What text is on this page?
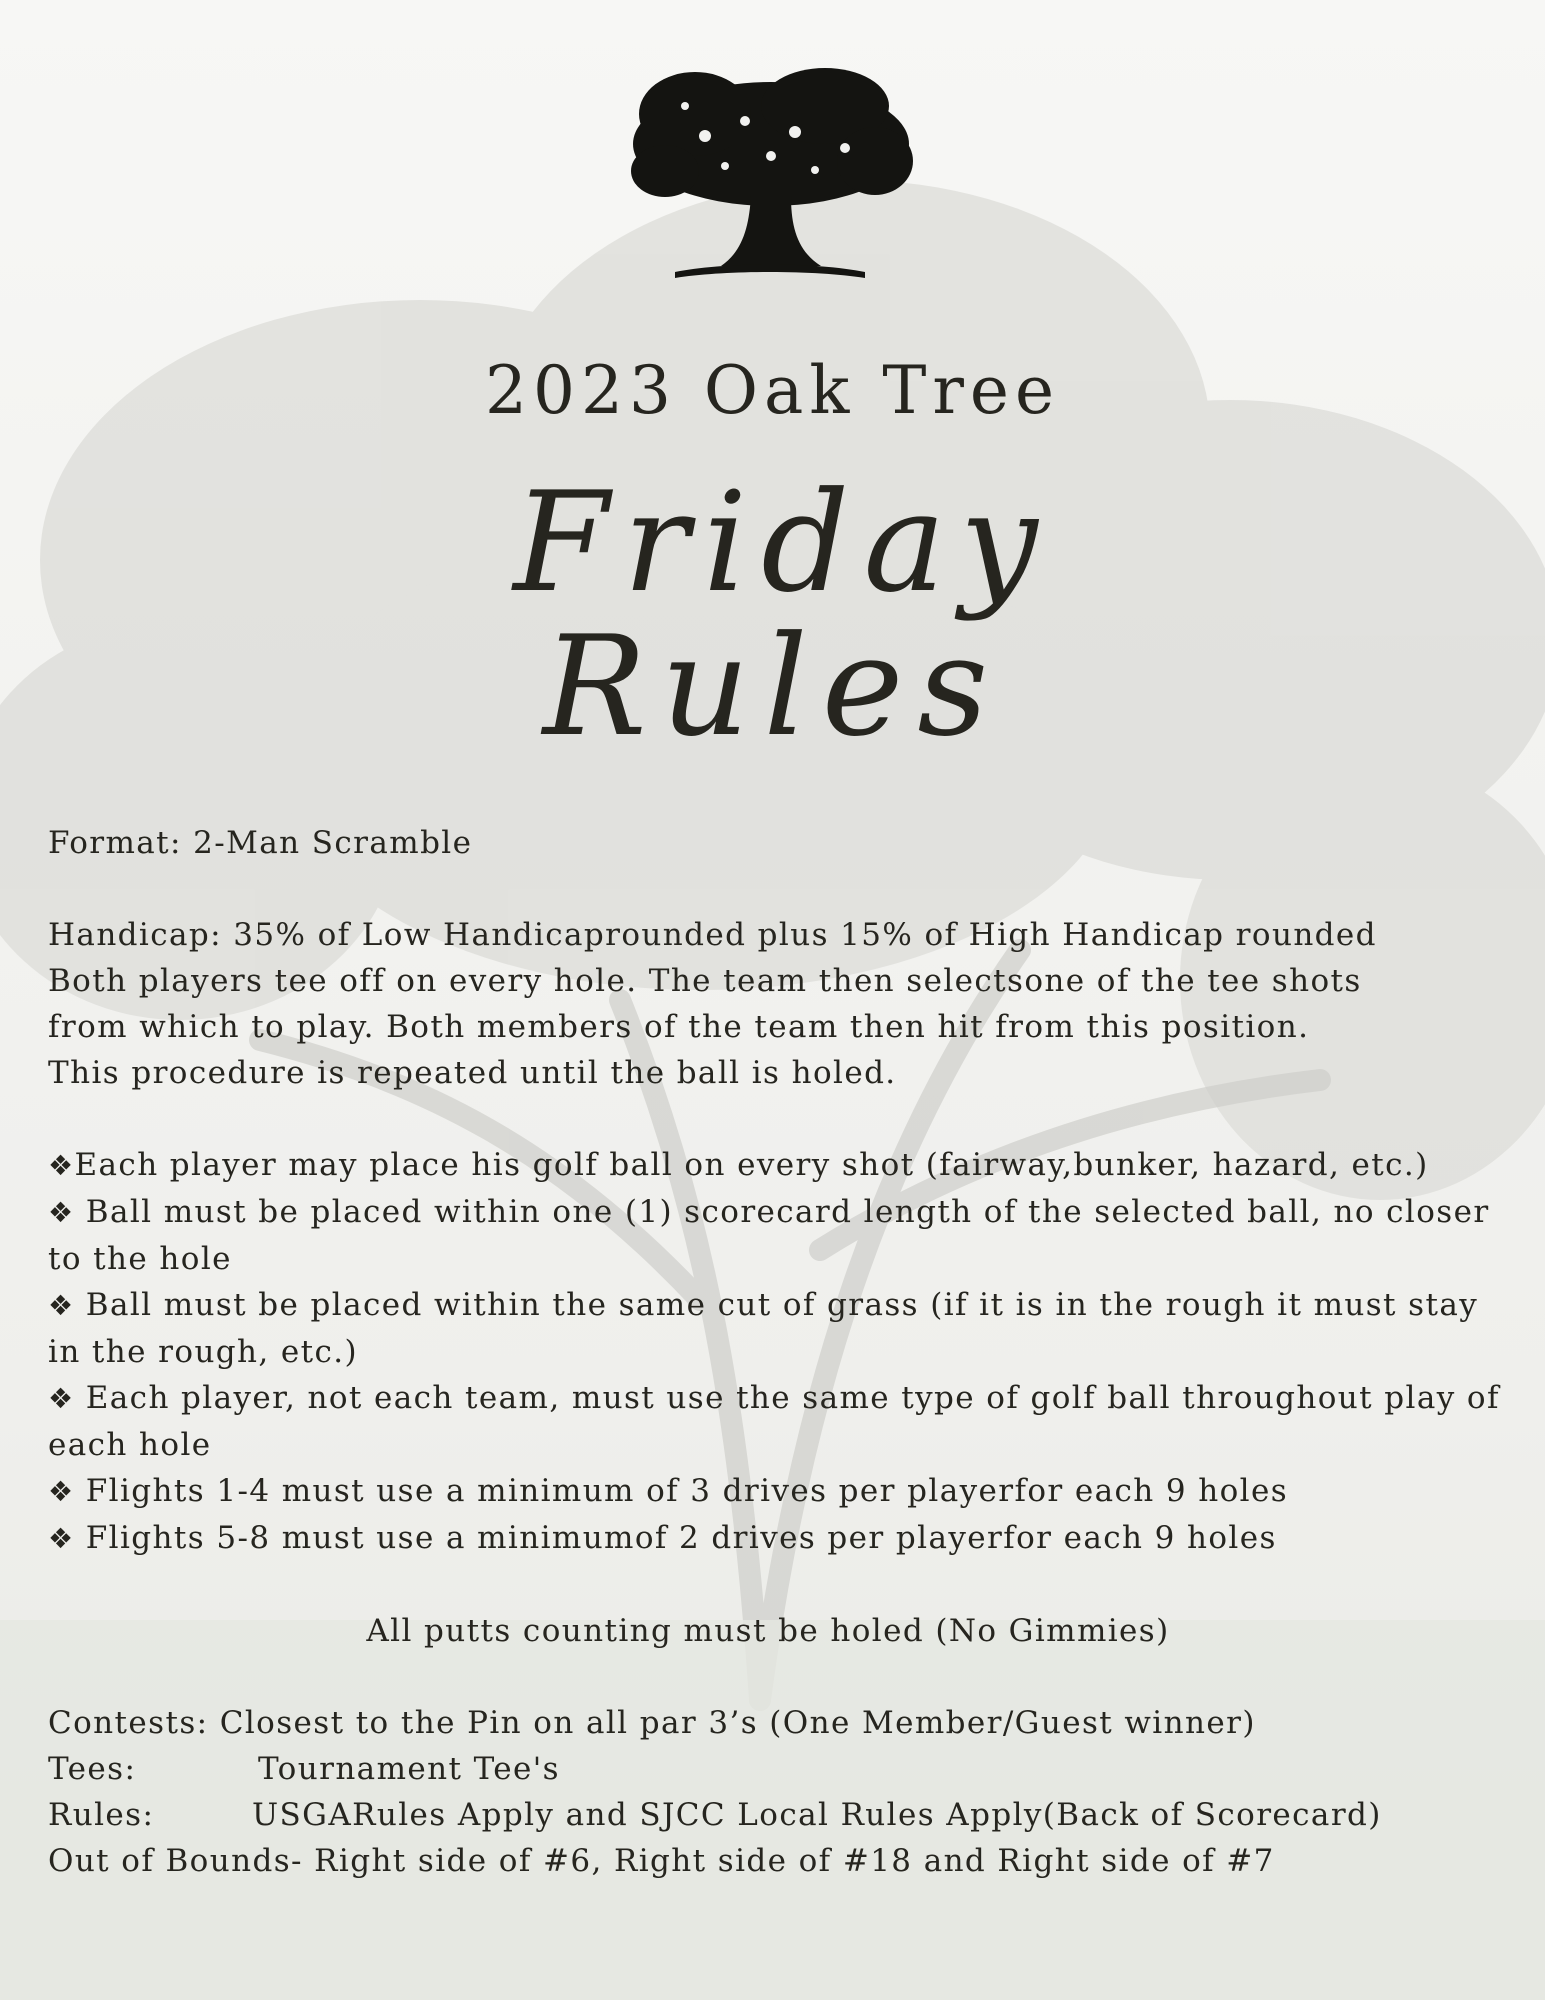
2023 Oak Tree
Friday
Rules

Format: 2-Man Scramble

Handicap: 35% of Low Handicaprounded plus 15% of High Handicap rounded

Both players tee off on every hole. The team then selectsone of the tee shots

from which to play. Both members of the team then hit from this position.

This procedure is repeated until the ball is holed.

❖Each player may place his golf ball on every shot (fairway,bunker, hazard, etc.)

❖ Ball must be placed within one (1) scorecard length of the selected ball, no closer to the hole

❖ Ball must be placed within the same cut of grass (if it is in the rough it must stay in the rough, etc.)

❖ Each player, not each team, must use the same type of golf ball throughout play of each hole

❖ Flights 1-4 must use a minimum of 3 drives per playerfor each 9 holes

❖ Flights 5-8 must use a minimumof 2 drives per playerfor each 9 holes

All putts counting must be holed (No Gimmies)

Contests: Closest to the Pin on all par 3’s (One Member/Guest winner)

Tees:	Tournament Tee's

Rules:	USGARules Apply and SJCC Local Rules Apply(Back of Scorecard)

Out of Bounds- Right side of #6, Right side of #18 and Right side of #7
